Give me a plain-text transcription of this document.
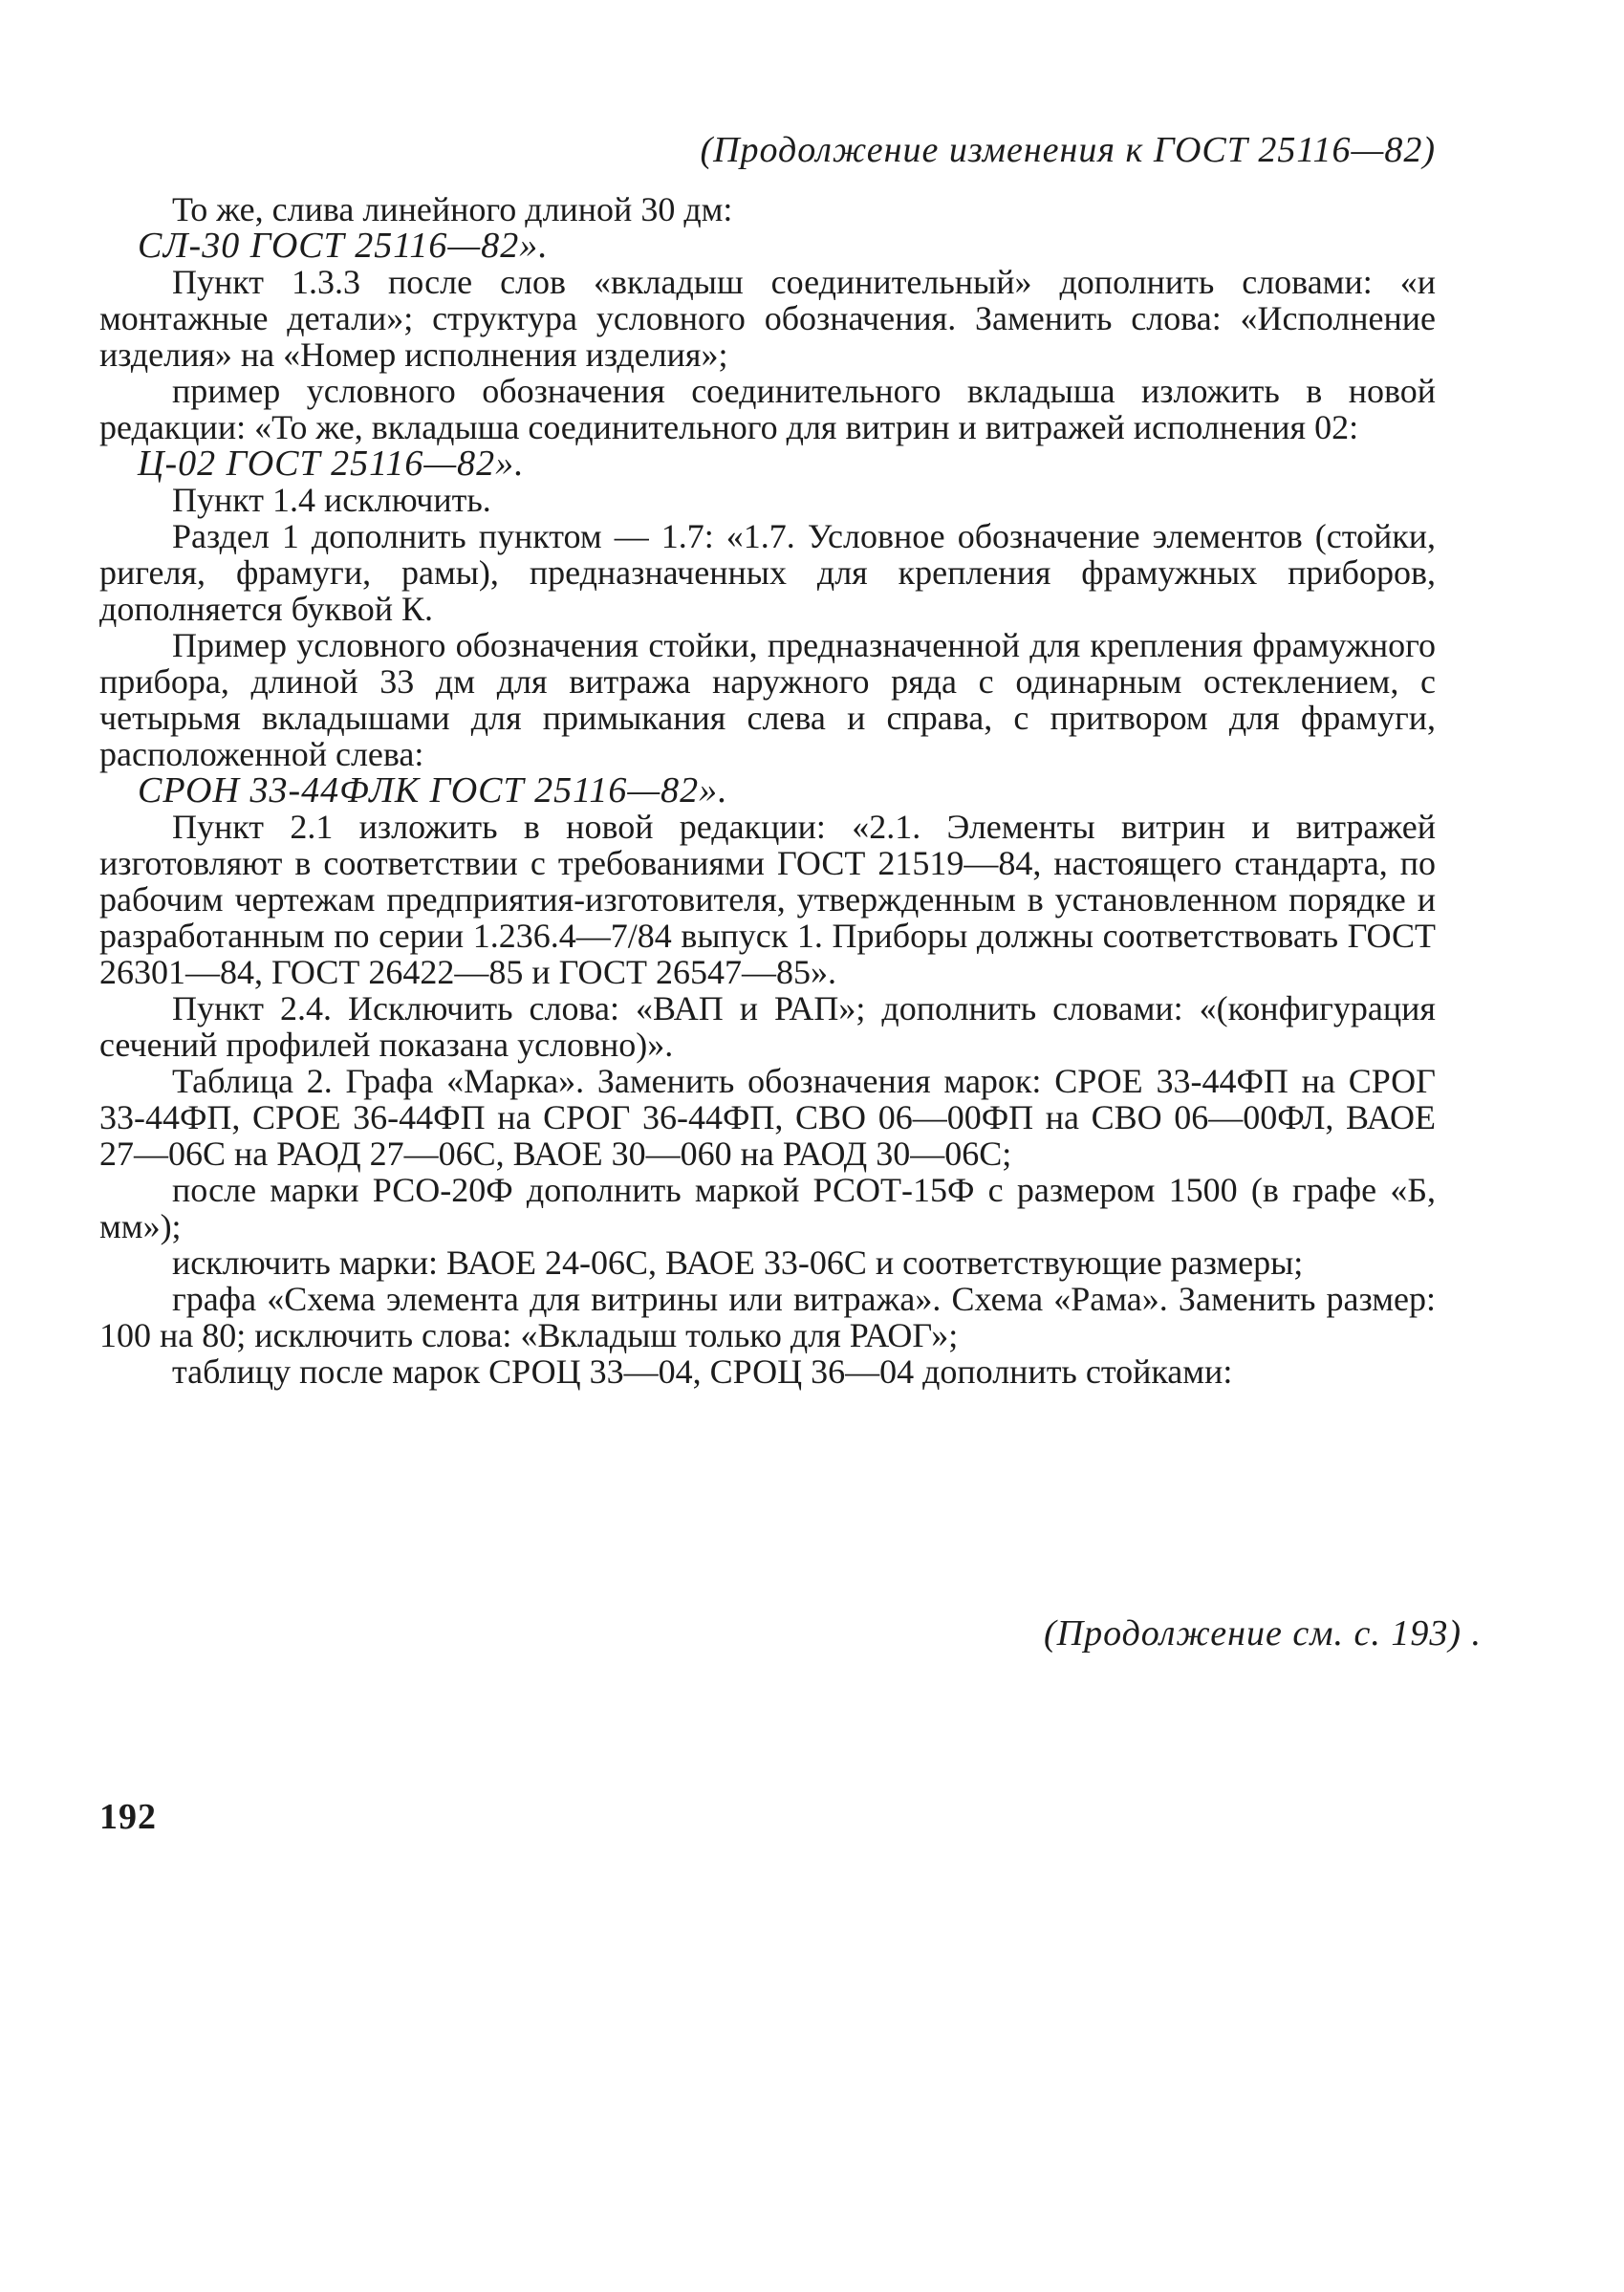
(Продолжение изменения к ГОСТ 25116—82)

То же, слива линейного длиной 30 дм:

СЛ-30 ГОСТ 25116—82».

Пункт 1.3.3 после слов «вкладыш соединительный» дополнить словами: «и монтажные детали»; структура условного обозначения. Заменить слова: «Исполнение изделия» на «Номер исполнения изделия»;

пример условного обозначения соединительного вкладыша изложить в новой редакции: «То же, вкладыша соединительного для витрин и витражей исполнения 02:

Ц-02 ГОСТ 25116—82».

Пункт 1.4 исключить.

Раздел 1 дополнить пунктом — 1.7: «1.7. Условное обозначение элементов (стойки, ригеля, фрамуги, рамы), предназначенных для крепления фрамужных приборов, дополняется буквой К.

Пример условного обозначения стойки, предназначенной для крепления фрамужного прибора, длиной 33 дм для витража наружного ряда с одинарным остеклением, с четырьмя вкладышами для примыкания слева и справа, с притвором для фрамуги, расположенной слева:

СРОН 33-44ФЛК ГОСТ 25116—82».

Пункт 2.1 изложить в новой редакции: «2.1. Элементы витрин и витражей изготовляют в соответствии с требованиями ГОСТ 21519—84, настоящего стандарта, по рабочим чертежам предприятия-изготовителя, утвержденным в установленном порядке и разработанным по серии 1.236.4—7/84 выпуск 1. Приборы должны соответствовать ГОСТ 26301—84, ГОСТ 26422—85 и ГОСТ 26547—85».

Пункт 2.4. Исключить слова: «ВАП и РАП»; дополнить словами: «(конфигурация сечений профилей показана условно)».

Таблица 2. Графа «Марка». Заменить обозначения марок: СРОЕ 33-44ФП на СРОГ 33-44ФП, СРОЕ 36-44ФП на СРОГ 36-44ФП, СВО 06—00ФП на СВО 06—00ФЛ, ВАОЕ 27—06С на РАОД 27—06С, ВАОЕ 30—060 на РАОД 30—06С;

после марки РСО-20Ф дополнить маркой РСОТ-15Ф с размером 1500 (в графе «Б, мм»);

исключить марки: ВАОЕ 24-06С, ВАОЕ 33-06С и соответствующие размеры;

графа «Схема элемента для витрины или витража». Схема «Рама». Заменить размер: 100 на 80; исключить слова: «Вкладыш только для РАОГ»;

таблицу после марок СРОЦ 33—04, СРОЦ 36—04 дополнить стойками:

(Продолжение см. с. 193) .
192
